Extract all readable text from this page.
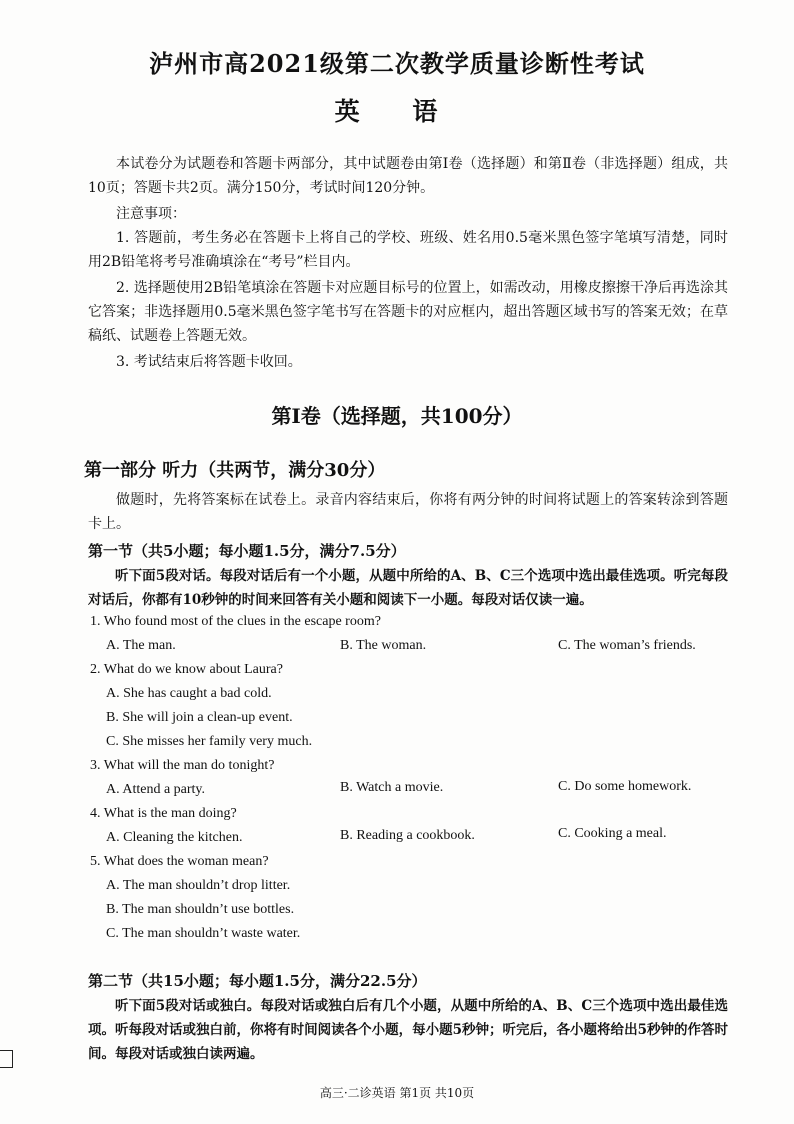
泸州市高2021级第二次教学质量诊断性考试
英 语

本试卷分为试题卷和答题卡两部分，其中试题卷由第Ⅰ卷（选择题）和第Ⅱ卷（非选择题）组成，共10页；答题卡共2页。满分150分，考试时间120分钟。

注意事项：

1. 答题前，考生务必在答题卡上将自己的学校、班级、姓名用0.5毫米黑色签字笔填写清楚，同时用2B铅笔将考号准确填涂在“考号”栏目内。

2. 选择题使用2B铅笔填涂在答题卡对应题目标号的位置上，如需改动，用橡皮擦擦干净后再选涂其它答案；非选择题用0.5毫米黑色签字笔书写在答题卡的对应框内，超出答题区域书写的答案无效；在草稿纸、试题卷上答题无效。

3. 考试结束后将答题卡收回。

第Ⅰ卷（选择题，共100分）
第一部分 听力（共两节，满分30分）

做题时，先将答案标在试卷上。录音内容结束后，你将有两分钟的时间将试题上的答案转涂到答题卡上。

第一节（共5小题；每小题1.5分，满分7.5分）

听下面5段对话。每段对话后有一个小题，从题中所给的A、B、C三个选项中选出最佳选项。听完每段对话后，你都有10秒钟的时间来回答有关小题和阅读下一小题。每段对话仅读一遍。

1. Who found most of the clues in the escape room?
A. The man.	B. The woman.	C. The woman’s friends.
2. What do we know about Laura?
A. She has caught a bad cold.
B. She will join a clean-up event.
C. She misses her family very much.
3. What will the man do tonight?
A. Attend a party.	B. Watch a movie.	C. Do some homework.
4. What is the man doing?
A. Cleaning the kitchen.	B. Reading a cookbook.	C. Cooking a meal.
5. What does the woman mean?
A. The man shouldn’t drop litter.
B. The man shouldn’t use bottles.
C. The man shouldn’t waste water.
第二节（共15小题；每小题1.5分，满分22.5分）

听下面5段对话或独白。每段对话或独白后有几个小题，从题中所给的A、B、C三个选项中选出最佳选项。听每段对话或独白前，你将有时间阅读各个小题，每小题5秒钟；听完后，各小题将给出5秒钟的作答时间。每段对话或独白读两遍。

高三·二诊英语 第1页 共10页
